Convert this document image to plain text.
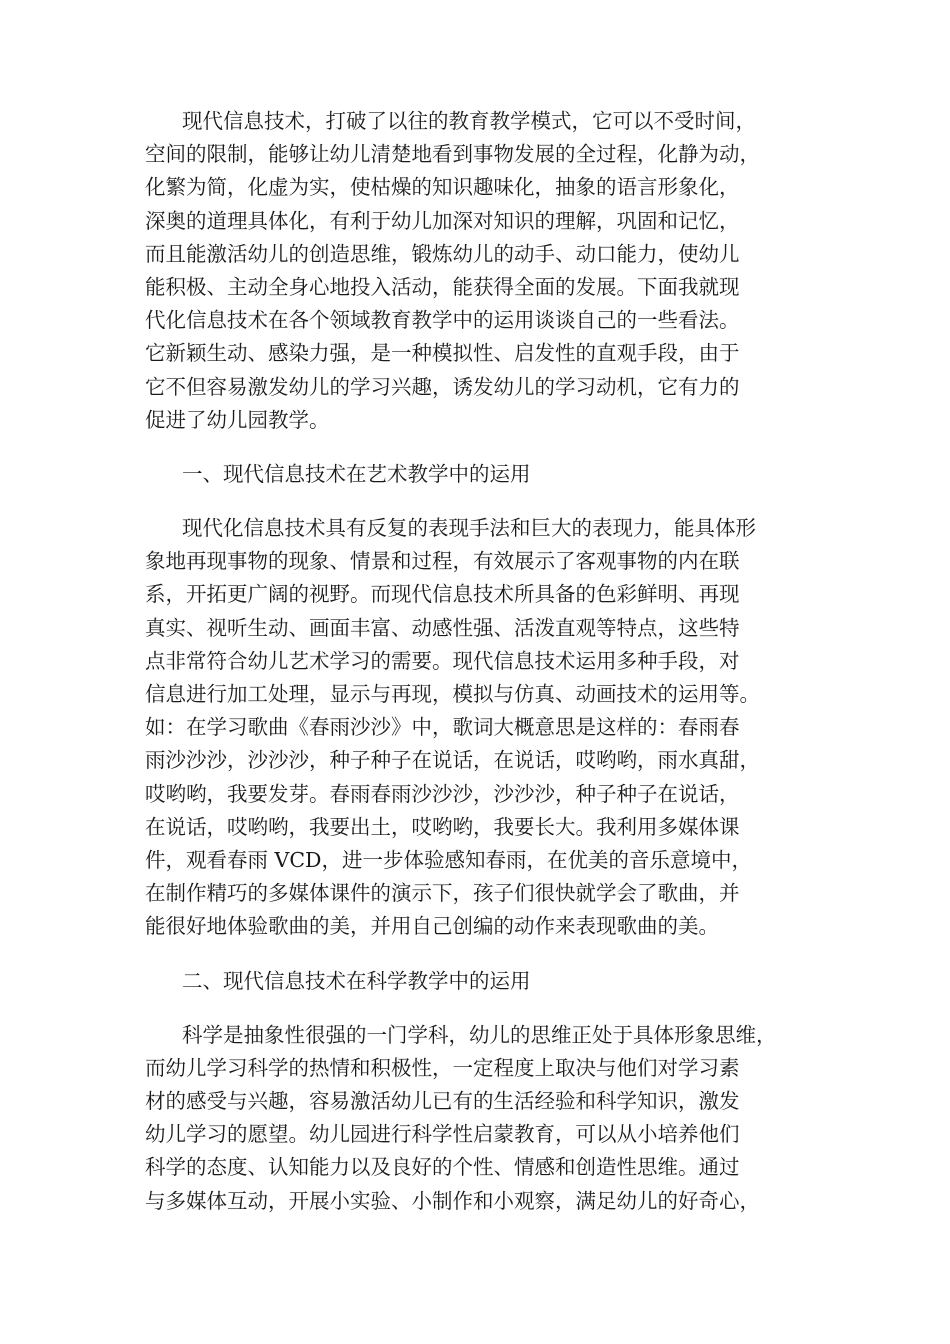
现代信息技术，打破了以往的教育教学模式，它可以不受时间，
空间的限制，能够让幼儿清楚地看到事物发展的全过程，化静为动，
化繁为简，化虚为实，使枯燥的知识趣味化，抽象的语言形象化，
深奥的道理具体化，有利于幼儿加深对知识的理解，巩固和记忆，
而且能激活幼儿的创造思维，锻炼幼儿的动手、动口能力，使幼儿
能积极、主动全身心地投入活动，能获得全面的发展。下面我就现
代化信息技术在各个领域教育教学中的运用谈谈自己的一些看法。
它新颖生动、感染力强，是一种模拟性、启发性的直观手段，由于
它不但容易激发幼儿的学习兴趣，诱发幼儿的学习动机，它有力的
促进了幼儿园教学。
一、现代信息技术在艺术教学中的运用
现代化信息技术具有反复的表现手法和巨大的表现力，能具体形
象地再现事物的现象、情景和过程，有效展示了客观事物的内在联
系，开拓更广阔的视野。而现代信息技术所具备的色彩鲜明、再现
真实、视听生动、画面丰富、动感性强、活泼直观等特点，这些特
点非常符合幼儿艺术学习的需要。现代信息技术运用多种手段，对
信息进行加工处理，显示与再现，模拟与仿真、动画技术的运用等。
如：在学习歌曲《春雨沙沙》中，歌词大概意思是这样的：春雨春
雨沙沙沙，沙沙沙，种子种子在说话，在说话，哎哟哟，雨水真甜，
哎哟哟，我要发芽。春雨春雨沙沙沙，沙沙沙，种子种子在说话，
在说话，哎哟哟，我要出土，哎哟哟，我要长大。我利用多媒体课
件，观看春雨 VCD，进一步体验感知春雨，在优美的音乐意境中，
在制作精巧的多媒体课件的演示下，孩子们很快就学会了歌曲，并
能很好地体验歌曲的美，并用自己创编的动作来表现歌曲的美。
二、现代信息技术在科学教学中的运用
科学是抽象性很强的一门学科，幼儿的思维正处于具体形象思维，
而幼儿学习科学的热情和积极性，一定程度上取决与他们对学习素
材的感受与兴趣，容易激活幼儿已有的生活经验和科学知识，激发
幼儿学习的愿望。幼儿园进行科学性启蒙教育，可以从小培养他们
科学的态度、认知能力以及良好的个性、情感和创造性思维。通过
与多媒体互动，开展小实验、小制作和小观察，满足幼儿的好奇心，
